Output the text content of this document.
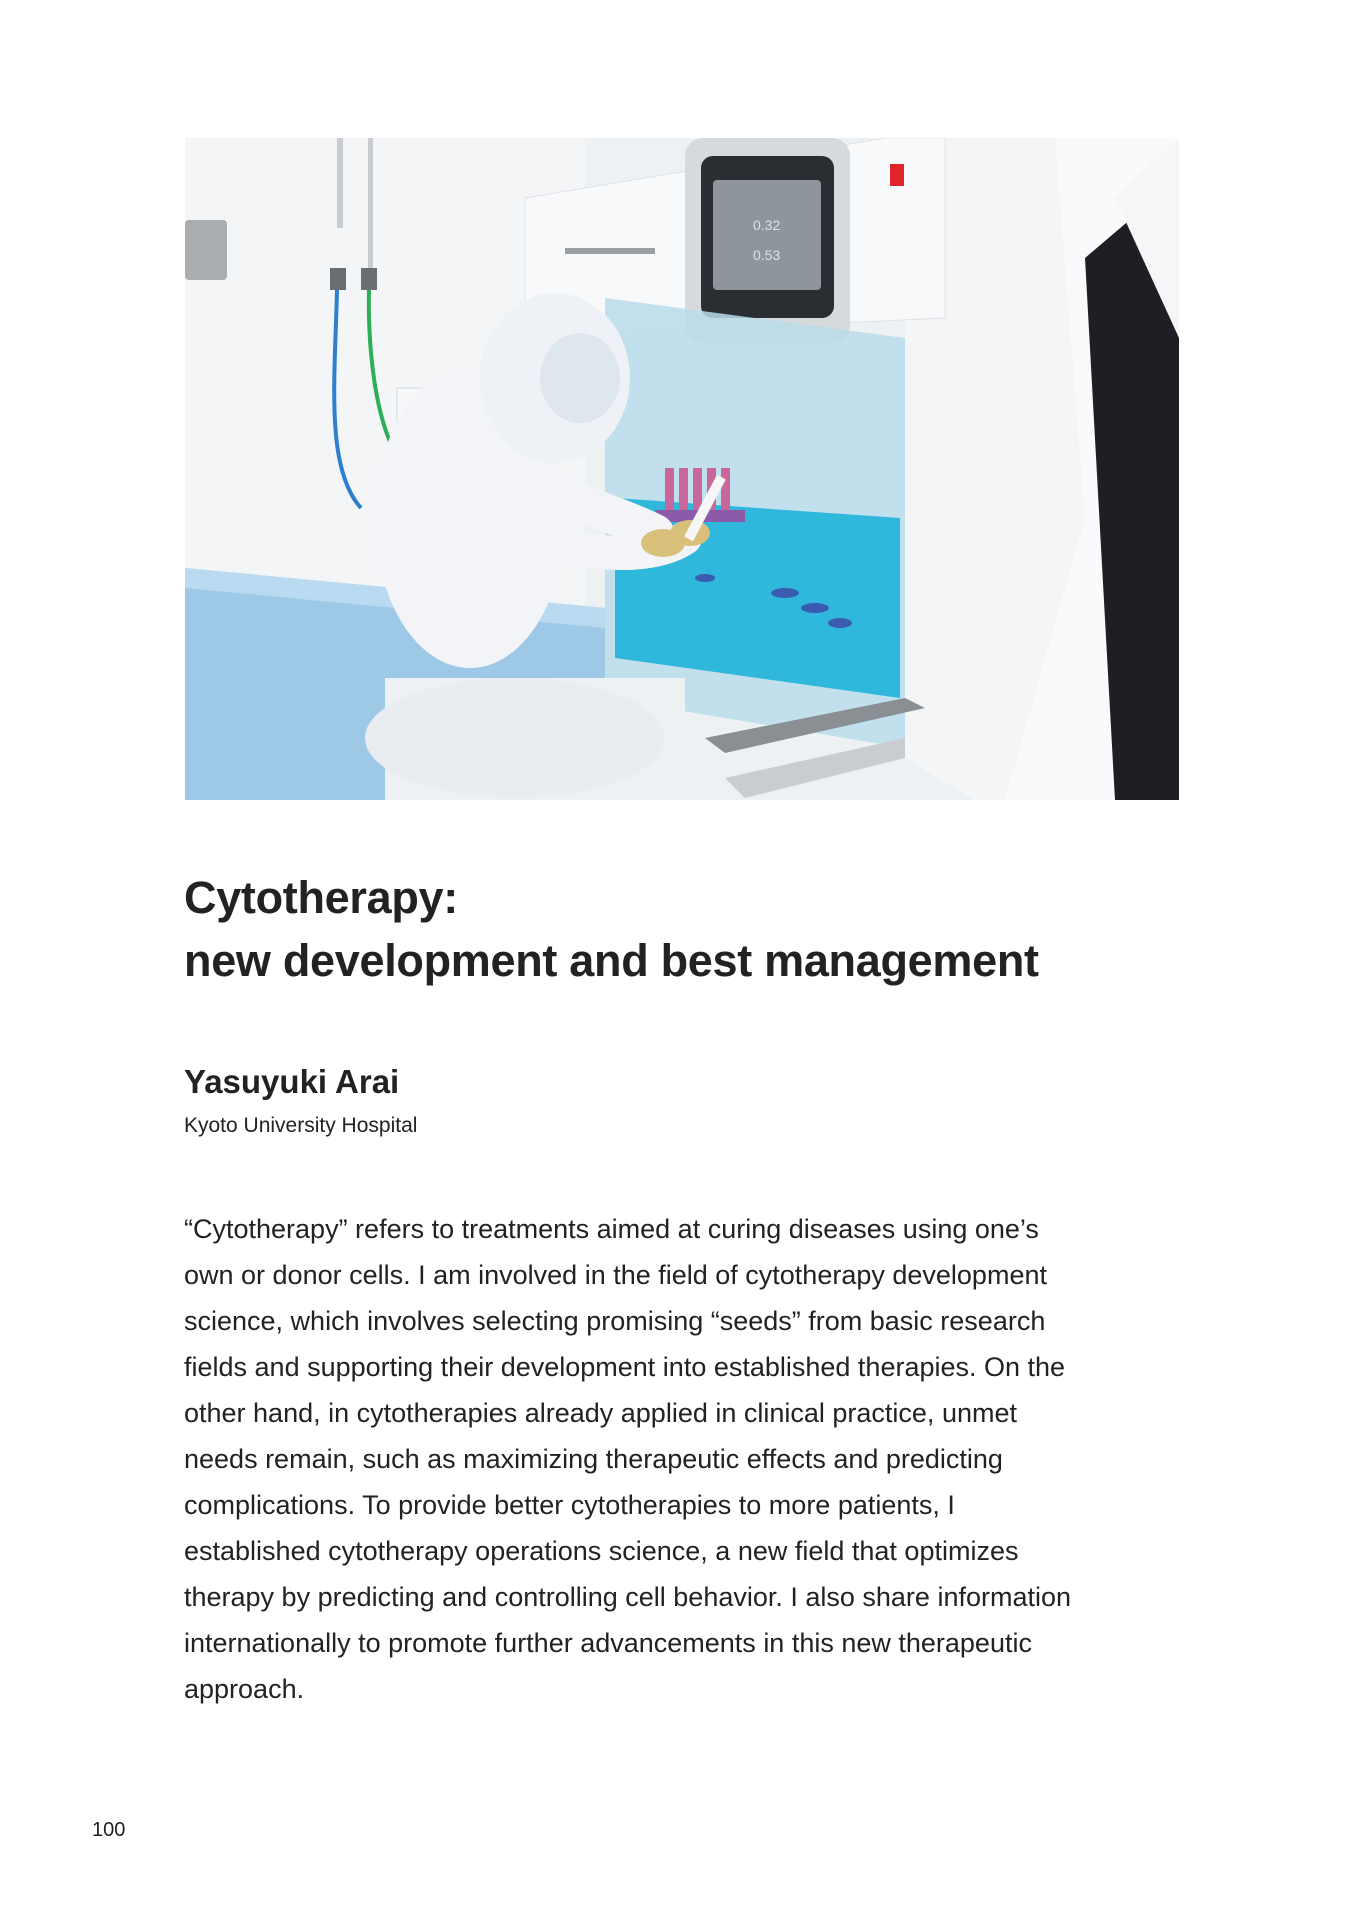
0.32
0.53
Cytotherapy:
new development and best management
Yasuyuki Arai
Kyoto University Hospital
“Cytotherapy” refers to treatments aimed at curing diseases using one’s
own or donor cells. I am involved in the field of cytotherapy development
science, which involves selecting promising “seeds” from basic research
fields and supporting their development into established therapies. On the
other hand, in cytotherapies already applied in clinical practice, unmet
needs remain, such as maximizing therapeutic effects and predicting
complications. To provide better cytotherapies to more patients, I
established cytotherapy operations science, a new field that optimizes
therapy by predicting and controlling cell behavior. I also share information
internationally to promote further advancements in this new therapeutic
approach.
100
